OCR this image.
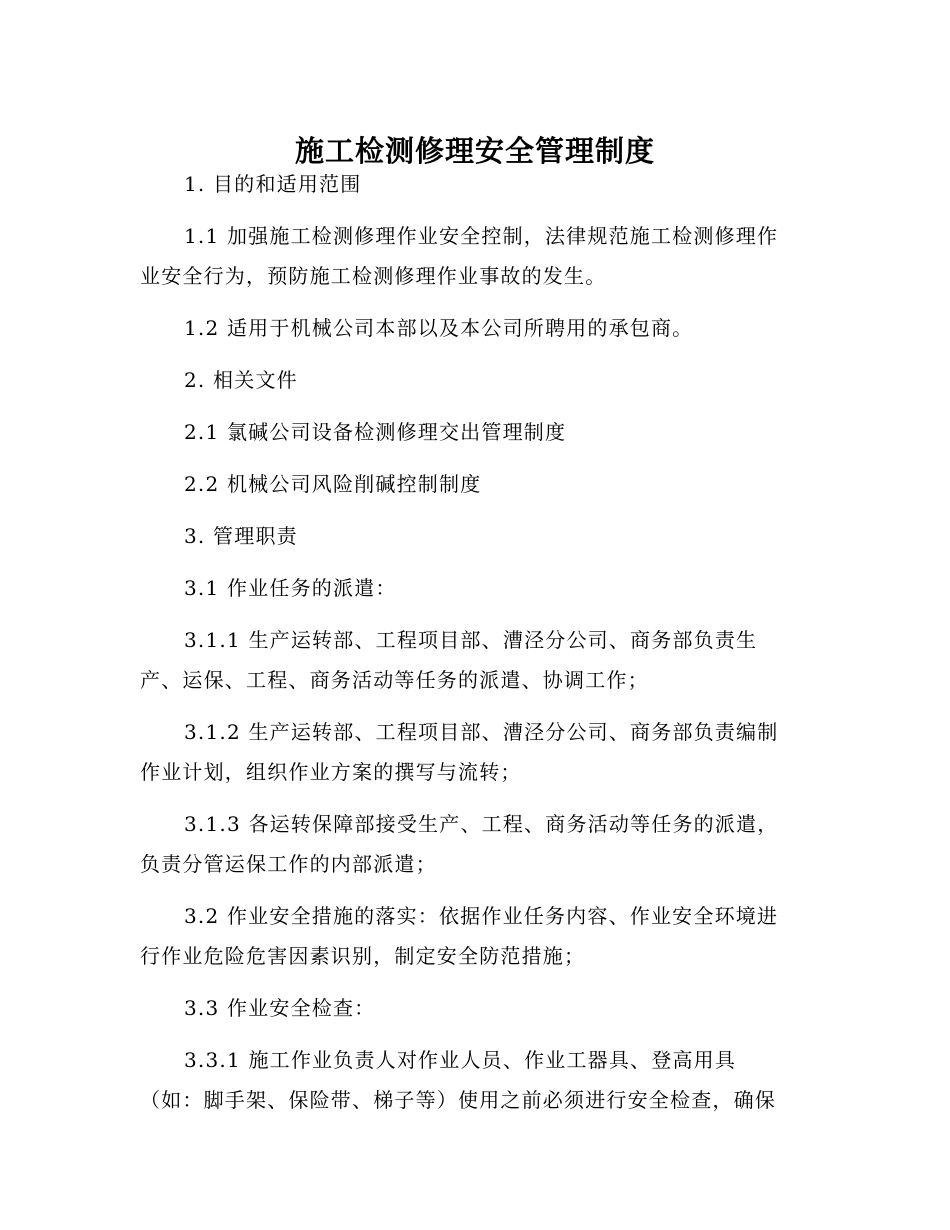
施工检测修理安全管理制度

1. 目的和适用范围

1.1 加强施工检测修理作业安全控制，法律规范施工检测修理作业安全行为，预防施工检测修理作业事故的发生。

1.2 适用于机械公司本部以及本公司所聘用的承包商。

2. 相关文件

2.1 氯碱公司设备检测修理交出管理制度

2.2 机械公司风险削碱控制制度

3. 管理职责

3.1 作业任务的派遣：

3.1.1 生产运转部、工程项目部、漕泾分公司、商务部负责生产、运保、工程、商务活动等任务的派遣、协调工作；

3.1.2 生产运转部、工程项目部、漕泾分公司、商务部负责编制作业计划，组织作业方案的撰写与流转；

3.1.3 各运转保障部接受生产、工程、商务活动等任务的派遣，负责分管运保工作的内部派遣；

3.2 作业安全措施的落实：依据作业任务内容、作业安全环境进行作业危险危害因素识别，制定安全防范措施；

3.3 作业安全检查：

3.3.1 施工作业负责人对作业人员、作业工器具、登高用具（如：脚手架、保险带、梯子等）使用之前必须进行安全检查，确保
